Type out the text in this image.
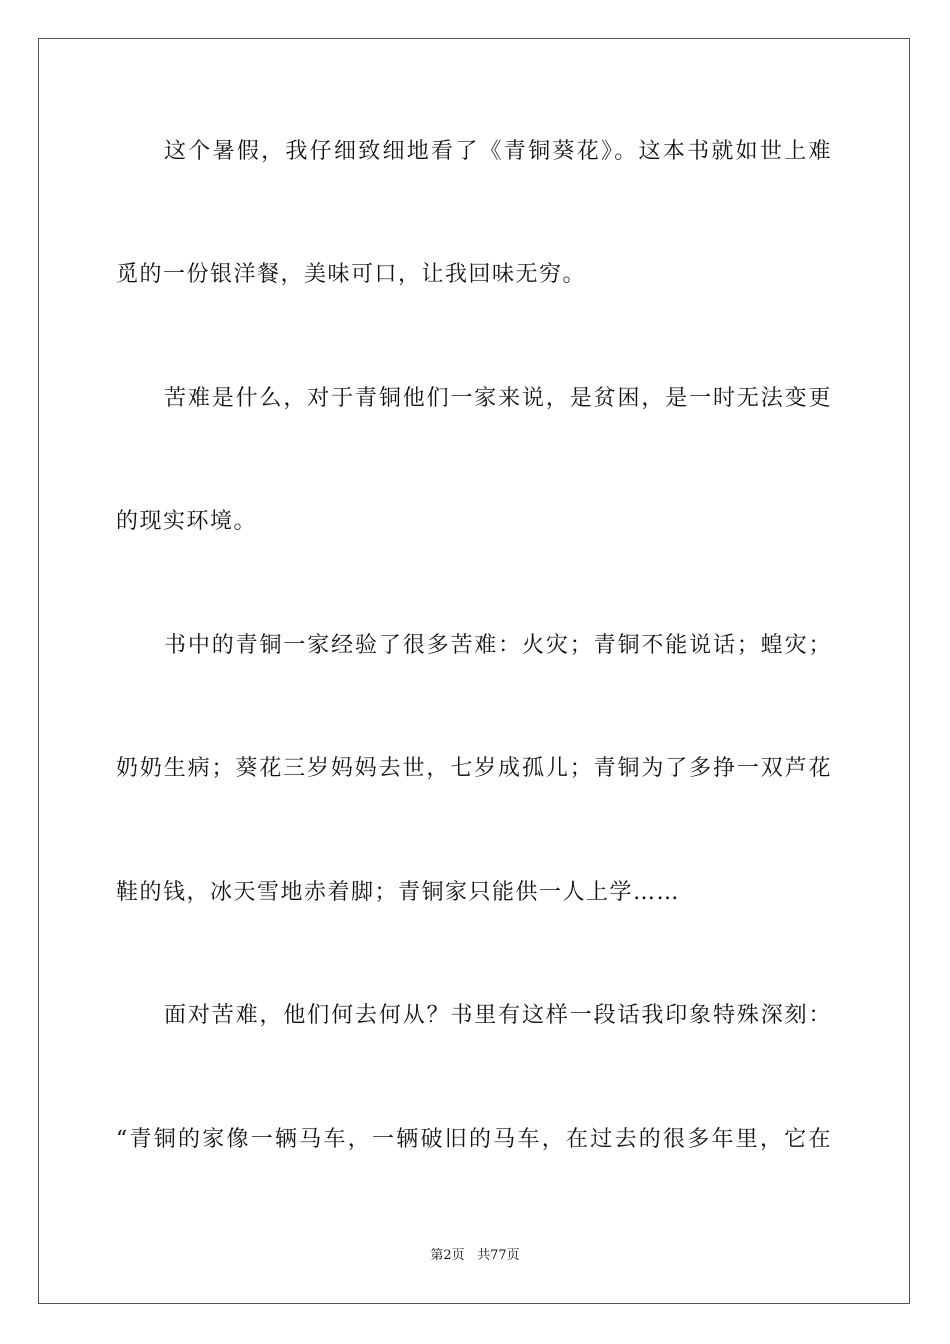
这个暑假，我仔细致细地看了《青铜葵花》。这本书就如世上难
觅的一份银洋餐，美味可口，让我回味无穷。
苦难是什么，对于青铜他们一家来说，是贫困，是一时无法变更
的现实环境。
书中的青铜一家经验了很多苦难：火灾；青铜不能说话；蝗灾；
奶奶生病；葵花三岁妈妈去世，七岁成孤儿；青铜为了多挣一双芦花
鞋的钱，冰天雪地赤着脚；青铜家只能供一人上学……
面对苦难，他们何去何从？书里有这样一段话我印象特殊深刻：
“青铜的家像一辆马车，一辆破旧的马车，在过去的很多年里，它在
第2页 共77页
